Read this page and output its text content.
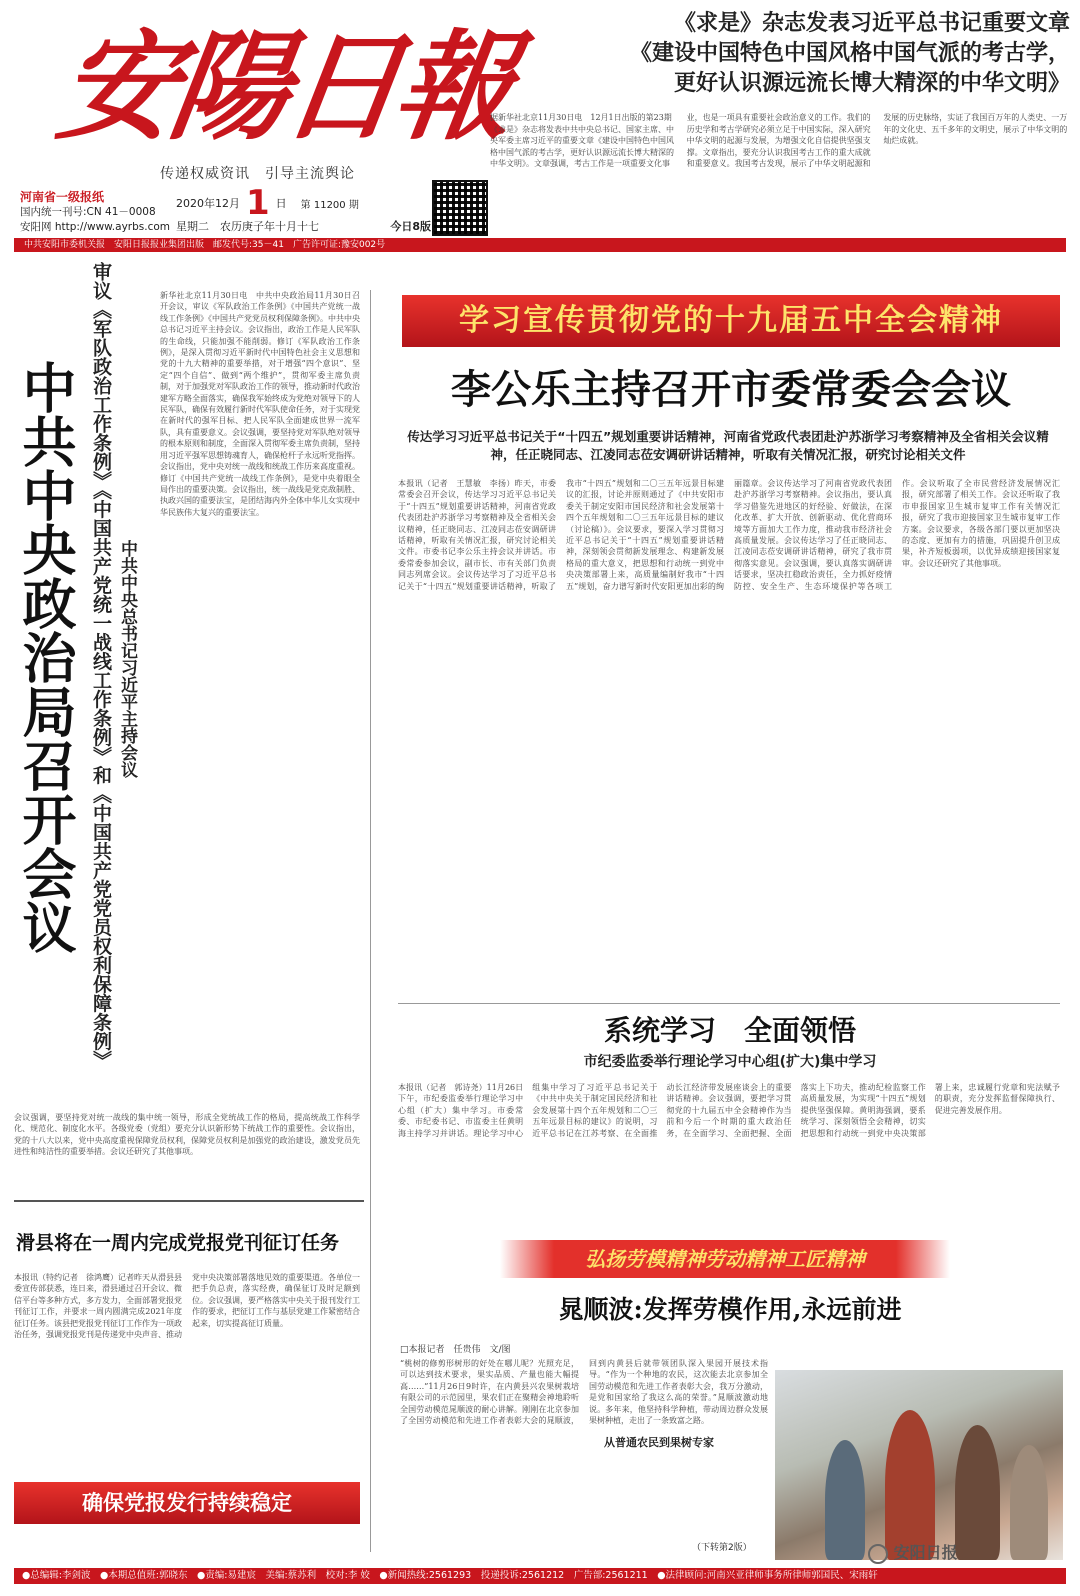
安陽日報
传递权威资讯　引导主流舆论
河南省一级报纸
国内统一刊号:CN 41－0008
安阳网 http://www.ayrbs.com
2020年12月 1 日 第 11200 期
星期二　农历庚子年十月十七	今日8版
《求是》杂志发表习近平总书记重要文章
《建设中国特色中国风格中国气派的考古学，
更好认识源远流长博大精深的中华文明》
据新华社北京11月30日电　12月1日出版的第23期《求是》杂志将发表中共中央总书记、国家主席、中央军委主席习近平的重要文章《建设中国特色中国风格中国气派的考古学，更好认识源远流长博大精深的中华文明》。文章强调，考古工作是一项重要文化事业，也是一项具有重要社会政治意义的工作。我们的历史学和考古学研究必须立足于中国实际，深入研究中华文明的起源与发展，为增强文化自信提供坚强支撑。文章指出，要充分认识我国考古工作的重大成就和重要意义。我国考古发现，展示了中华文明起源和发展的历史脉络，实证了我国百万年的人类史、一万年的文化史、五千多年的文明史，展示了中华文明的灿烂成就。
中共安阳市委机关报　安阳日报报业集团出版　邮发代号:35－41　广告许可证:豫安002号
中共中央政治局召开会议 审议《军队政治工作条例》《中国共产党统一战线工作条例》和《中国共产党党员权利保障条例》 中共中央总书记习近平主持会议
新华社北京11月30日电　中共中央政治局11月30日召开会议，审议《军队政治工作条例》《中国共产党统一战线工作条例》《中国共产党党员权利保障条例》。中共中央总书记习近平主持会议。会议指出，政治工作是人民军队的生命线，只能加强不能削弱。修订《军队政治工作条例》，是深入贯彻习近平新时代中国特色社会主义思想和党的十九大精神的重要举措，对于增强“四个意识”、坚定“四个自信”、做到“两个维护”，贯彻军委主席负责制，对于加强党对军队政治工作的领导，推动新时代政治建军方略全面落实，确保我军始终成为党绝对领导下的人民军队，确保有效履行新时代军队使命任务，对于实现党在新时代的强军目标、把人民军队全面建成世界一流军队，具有重要意义。会议强调，要坚持党对军队绝对领导的根本原则和制度，全面深入贯彻军委主席负责制，坚持用习近平强军思想铸魂育人，确保枪杆子永远听党指挥。会议指出，党中央对统一战线和统战工作历来高度重视。修订《中国共产党统一战线工作条例》，是党中央着眼全局作出的重要决策。会议指出，统一战线是党克敌制胜、执政兴国的重要法宝，是团结海内外全体中华儿女实现中华民族伟大复兴的重要法宝。
会议强调，要坚持党对统一战线的集中统一领导，形成全党统战工作的格局，提高统战工作科学化、规范化、制度化水平。各级党委（党组）要充分认识新形势下统战工作的重要性。会议指出，党的十八大以来，党中央高度重视保障党员权利，保障党员权利是加强党的政治建设，激发党员先进性和纯洁性的重要举措。会议还研究了其他事项。
滑县将在一周内完成党报党刊征订任务
本报讯（特约记者　徐鸿鹰）记者昨天从滑县县委宣传部获悉，连日来，滑县通过召开会议、微信平台等多种方式，多方发力，全面部署党报党刊征订工作，并要求一周内圆满完成2021年度征订任务。该县把党报党刊征订工作作为一项政治任务，强调党报党刊是传递党中央声音、推动党中央决策部署落地见效的重要渠道。各单位一把手负总责，落实经费，确保征订及时足额到位。会议强调，要严格落实中央关于报刊发行工作的要求，把征订工作与基层党建工作紧密结合起来，切实提高征订质量。
确保党报发行持续稳定
学习宣传贯彻党的十九届五中全会精神
李公乐主持召开市委常委会会议
传达学习习近平总书记关于“十四五”规划重要讲话精神，河南省党政代表团赴沪苏浙学习考察精神及全省相关会议精神，任正晓同志、江凌同志莅安调研讲话精神，听取有关情况汇报，研究讨论相关文件
本报讯（记者　王慧敏　李扬）昨天，市委常委会召开会议，传达学习习近平总书记关于“十四五”规划重要讲话精神，河南省党政代表团赴沪苏浙学习考察精神及全省相关会议精神，任正晓同志、江凌同志莅安调研讲话精神，听取有关情况汇报，研究讨论相关文件。市委书记李公乐主持会议并讲话。市委常委参加会议，副市长、市有关部门负责同志列席会议。会议传达学习了习近平总书记关于“十四五”规划重要讲话精神，听取了我市“十四五”规划和二〇三五年远景目标建议的汇报，讨论并原则通过了《中共安阳市委关于制定安阳市国民经济和社会发展第十四个五年规划和二〇三五年远景目标的建议（讨论稿）》。会议要求，要深入学习贯彻习近平总书记关于“十四五”规划重要讲话精神，深刻领会贯彻新发展理念、构建新发展格局的重大意义，把思想和行动统一到党中央决策部署上来，高质量编制好我市“十四五”规划，奋力谱写新时代安阳更加出彩的绚丽篇章。会议传达学习了河南省党政代表团赴沪苏浙学习考察精神。会议指出，要认真学习借鉴先进地区的好经验、好做法，在深化改革、扩大开放、创新驱动、优化营商环境等方面加大工作力度，推动我市经济社会高质量发展。会议传达学习了任正晓同志、江凌同志莅安调研讲话精神，研究了我市贯彻落实意见。会议强调，要认真落实调研讲话要求，坚决扛稳政治责任，全力抓好疫情防控、安全生产、生态环境保护等各项工作。会议听取了全市民营经济发展情况汇报，研究部署了相关工作。会议还听取了我市申报国家卫生城市复审工作有关情况汇报，研究了我市迎接国家卫生城市复审工作方案。会议要求，各级各部门要以更加坚决的态度、更加有力的措施，巩固提升创卫成果，补齐短板弱项，以优异成绩迎接国家复审。会议还研究了其他事项。
系统学习　全面领悟
市纪委监委举行理论学习中心组(扩大)集中学习
本报讯（记者　郭诗尧）11月26日下午，市纪委监委举行理论学习中心组（扩大）集中学习。市委常委、市纪委书记、市监委主任黄明海主持学习并讲话。理论学习中心组集中学习了习近平总书记关于《中共中央关于制定国民经济和社会发展第十四个五年规划和二〇三五年远景目标的建议》的说明，习近平总书记在江苏考察、在全面推动长江经济带发展座谈会上的重要讲话精神。会议强调，要把学习贯彻党的十九届五中全会精神作为当前和今后一个时期的重大政治任务，在全面学习、全面把握、全面落实上下功夫，推动纪检监察工作高质量发展，为实现“十四五”规划提供坚强保障。黄明海强调，要系统学习、深刻领悟全会精神，切实把思想和行动统一到党中央决策部署上来，忠诚履行党章和宪法赋予的职责，充分发挥监督保障执行、促进完善发展作用。
弘扬劳模精神劳动精神工匠精神
晁顺波:发挥劳模作用,永远前进
□本报记者　任贵伟　文/图
“桃树的修剪形树形的好处在哪儿呢？光照充足，可以达到技术要求，果实品质、产量也能大幅提高……”11月26日9时许，在内黄县兴农果树栽培有限公司的示范园里，果农们正在聚精会神地聆听全国劳动模范晁顺波的耐心讲解。刚刚在北京参加了全国劳动模范和先进工作者表彰大会的晁顺波，回到内黄县后就带领团队深入果园开展技术指导。“作为一个种地的农民，这次能去北京参加全国劳动模范和先进工作者表彰大会，我万分激动，是党和国家给了我这么高的荣誉。”晁顺波激动地说。多年来，他坚持科学种植，带动周边群众发展果树种植，走出了一条致富之路。
从普通农民到果树专家
（下转第2版）	安阳日报
●总编辑:李剑波　●本期总值班:郭晓东　●责编:易建宸　美编:蔡苏利　校对:李 姣　●新闻热线:2561293　投递投诉:2561212　广告部:2561211　●法律顾问:河南兴亚律师事务所律师郭国民、宋雨轩
